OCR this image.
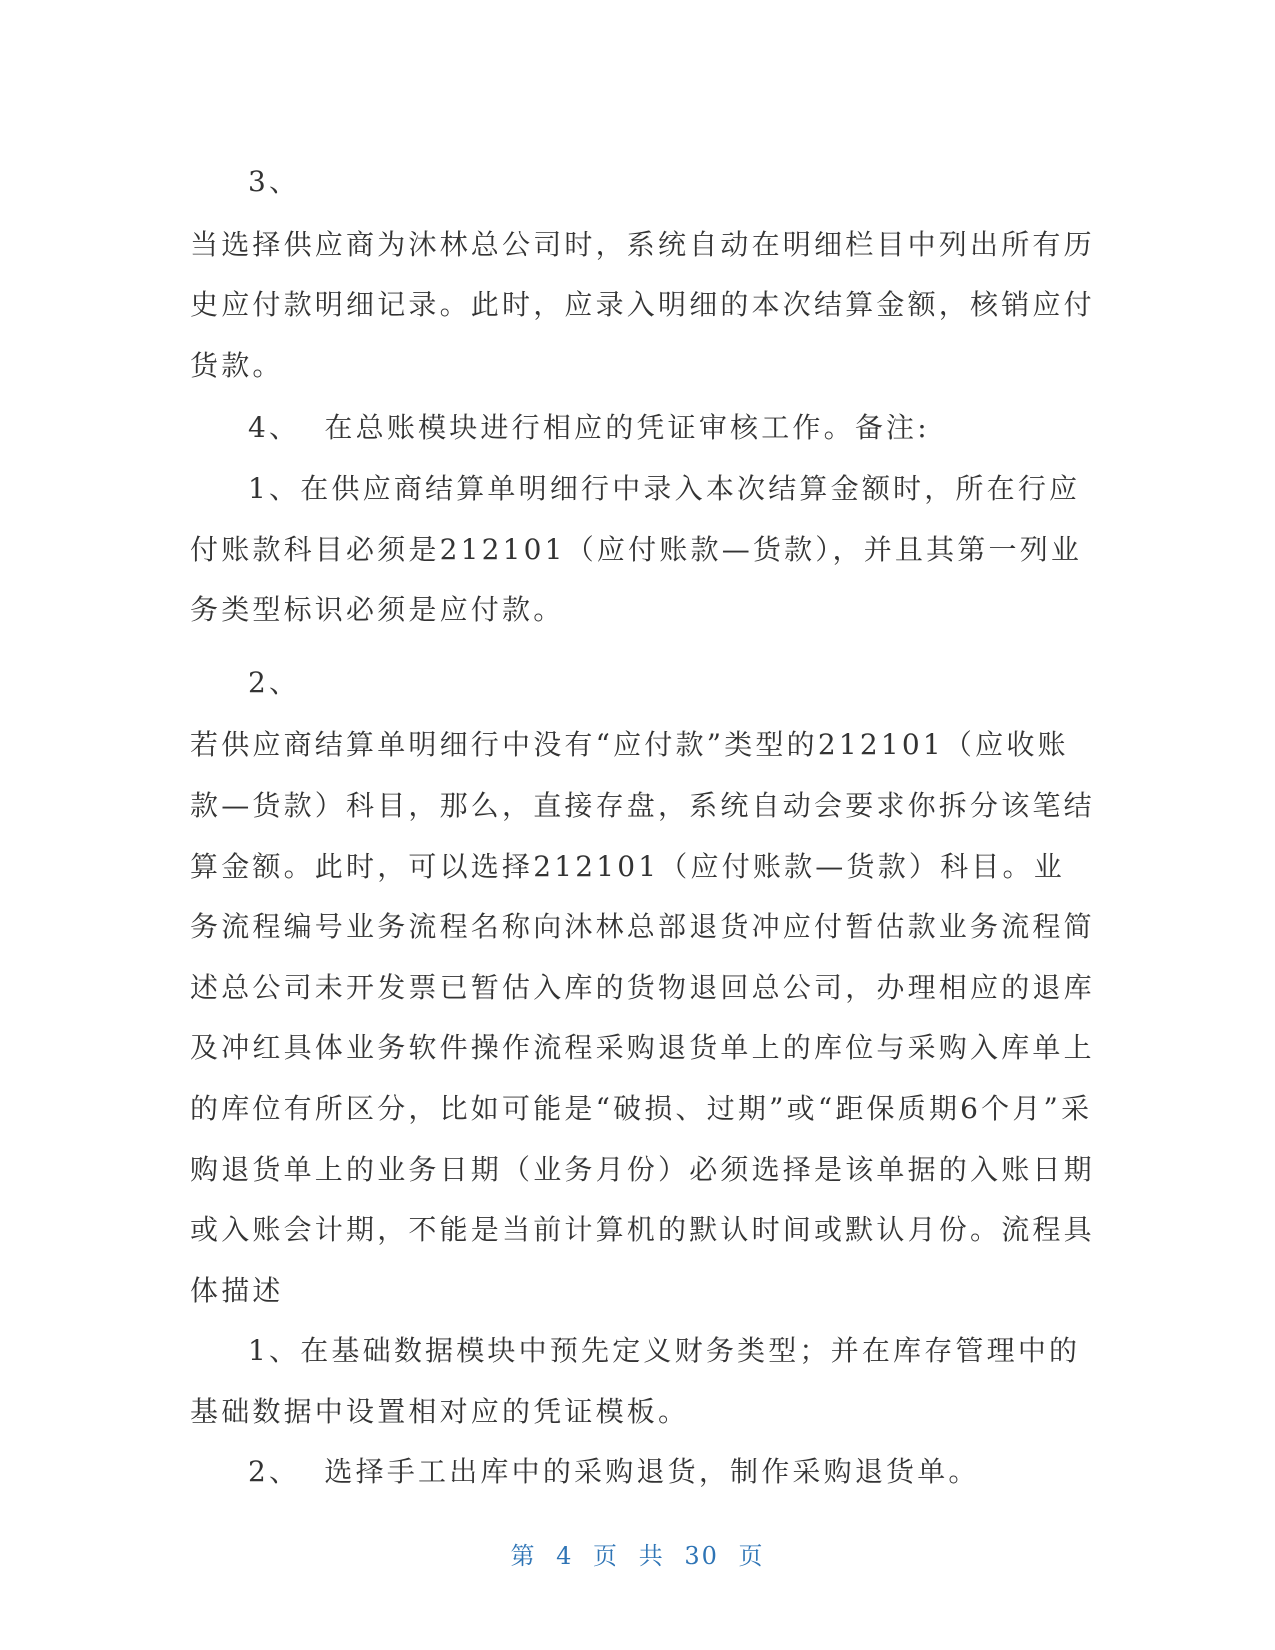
3、

当选择供应商为沐林总公司时，系统自动在明细栏目中列出所有历史应付款明细记录。此时，应录入明细的本次结算金额，核销应付货款。

4、  在总账模块进行相应的凭证审核工作。备注:

1、在供应商结算单明细行中录入本次结算金额时，所在行应付账款科目必须是212101（应付账款—货款），并且其第一列业务类型标识必须是应付款。

2、

若供应商结算单明细行中没有“应付款”类型的212101（应收账款—货款）科目，那么，直接存盘，系统自动会要求你拆分该笔结算金额。此时，可以选择212101（应付账款—货款）科目。业务流程编号业务流程名称向沐林总部退货冲应付暂估款业务流程简述总公司未开发票已暂估入库的货物退回总公司，办理相应的退库及冲红具体业务软件操作流程采购退货单上的库位与采购入库单上的库位有所区分，比如可能是“破损、过期”或“距保质期6个月”采购退货单上的业务日期（业务月份）必须选择是该单据的入账日期或入账会计期，不能是当前计算机的默认时间或默认月份。流程具体描述

1、在基础数据模块中预先定义财务类型；并在库存管理中的基础数据中设置相对应的凭证模板。

2、  选择手工出库中的采购退货，制作采购退货单。

第 4 页 共 30 页
